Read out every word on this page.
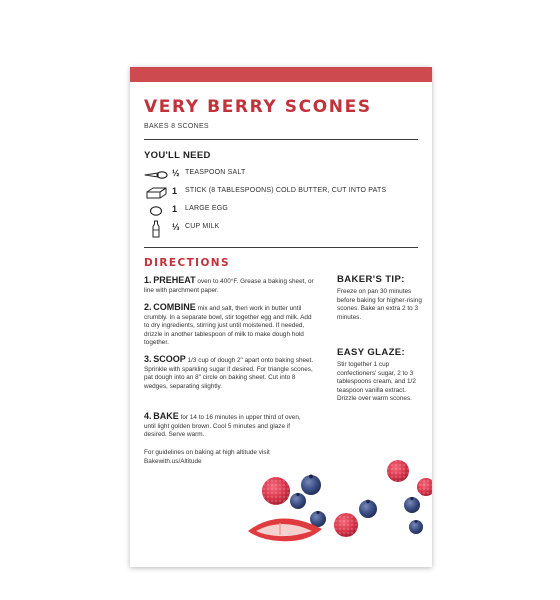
VERY BERRY SCONES
BAKES 8 SCONES
YOU'LL NEED
½ TEASPOON SALT
1 STICK (8 TABLESPOONS) COLD BUTTER, CUT INTO PATS
1 LARGE EGG
⅓ CUP MILK
DIRECTIONS
1. PREHEAT oven to 400°F. Grease a baking sheet, or line with parchment paper.
2. COMBINE mix and salt, then work in butter until crumbly. In a separate bowl, stir together egg and milk. Add to dry ingredients, stirring just until moistened. If needed, drizzle in another tablespoon of milk to make dough hold together.
3. SCOOP 1/3 cup of dough 2" apart onto baking sheet. Sprinkle with sparkling sugar if desired. For triangle scones, pat dough into an 8" circle on baking sheet. Cut into 8 wedges, separating slightly.
4. BAKE for 14 to 16 minutes in upper third of oven, until light golden brown. Cool 5 minutes and glaze if desired. Serve warm.
For guidelines on baking at high altitude visit Bakewith.us/Altitude
BAKER'S TIP:
Freeze on pan 30 minutes before baking for higher-rising scones. Bake an extra 2 to 3 minutes.
EASY GLAZE:
Stir together 1 cup confectioners' sugar, 2 to 3 tablespoons cream, and 1/2 teaspoon vanilla extract. Drizzle over warm scones.
